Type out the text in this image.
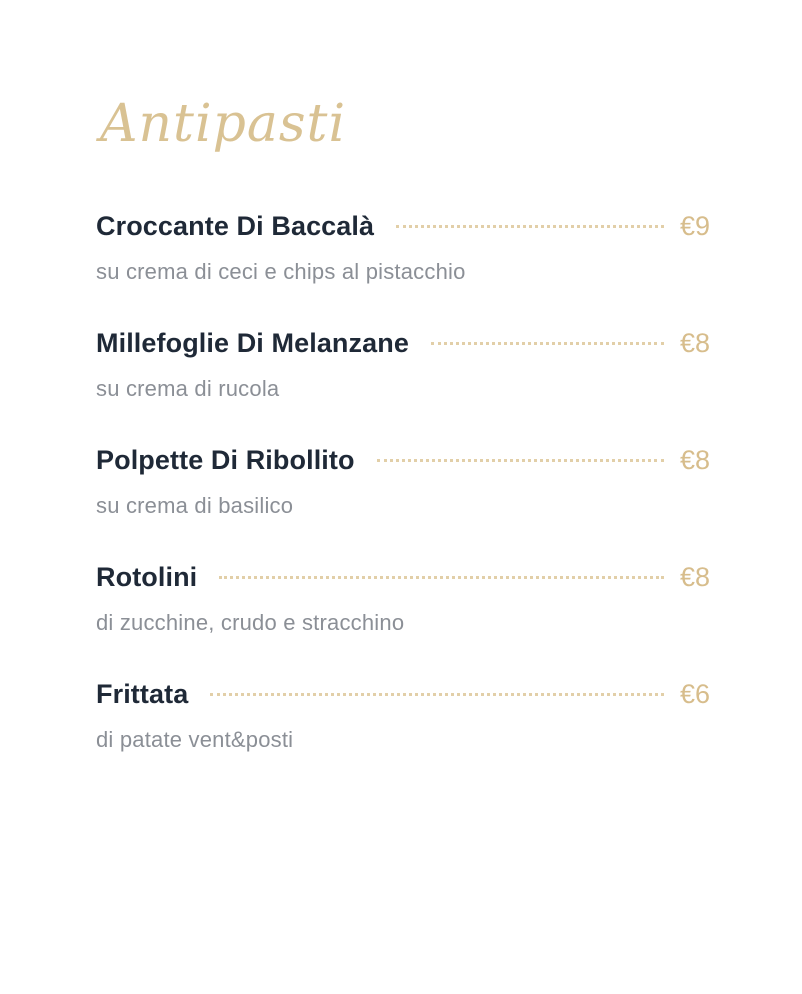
Antipasti
Croccante Di Baccalà	€9
su crema di ceci e chips al pistacchio
Millefoglie Di Melanzane	€8
su crema di rucola
Polpette Di Ribollito	€8
su crema di basilico
Rotolini	€8
di zucchine, crudo e stracchino
Frittata	€6
di patate vent&posti
